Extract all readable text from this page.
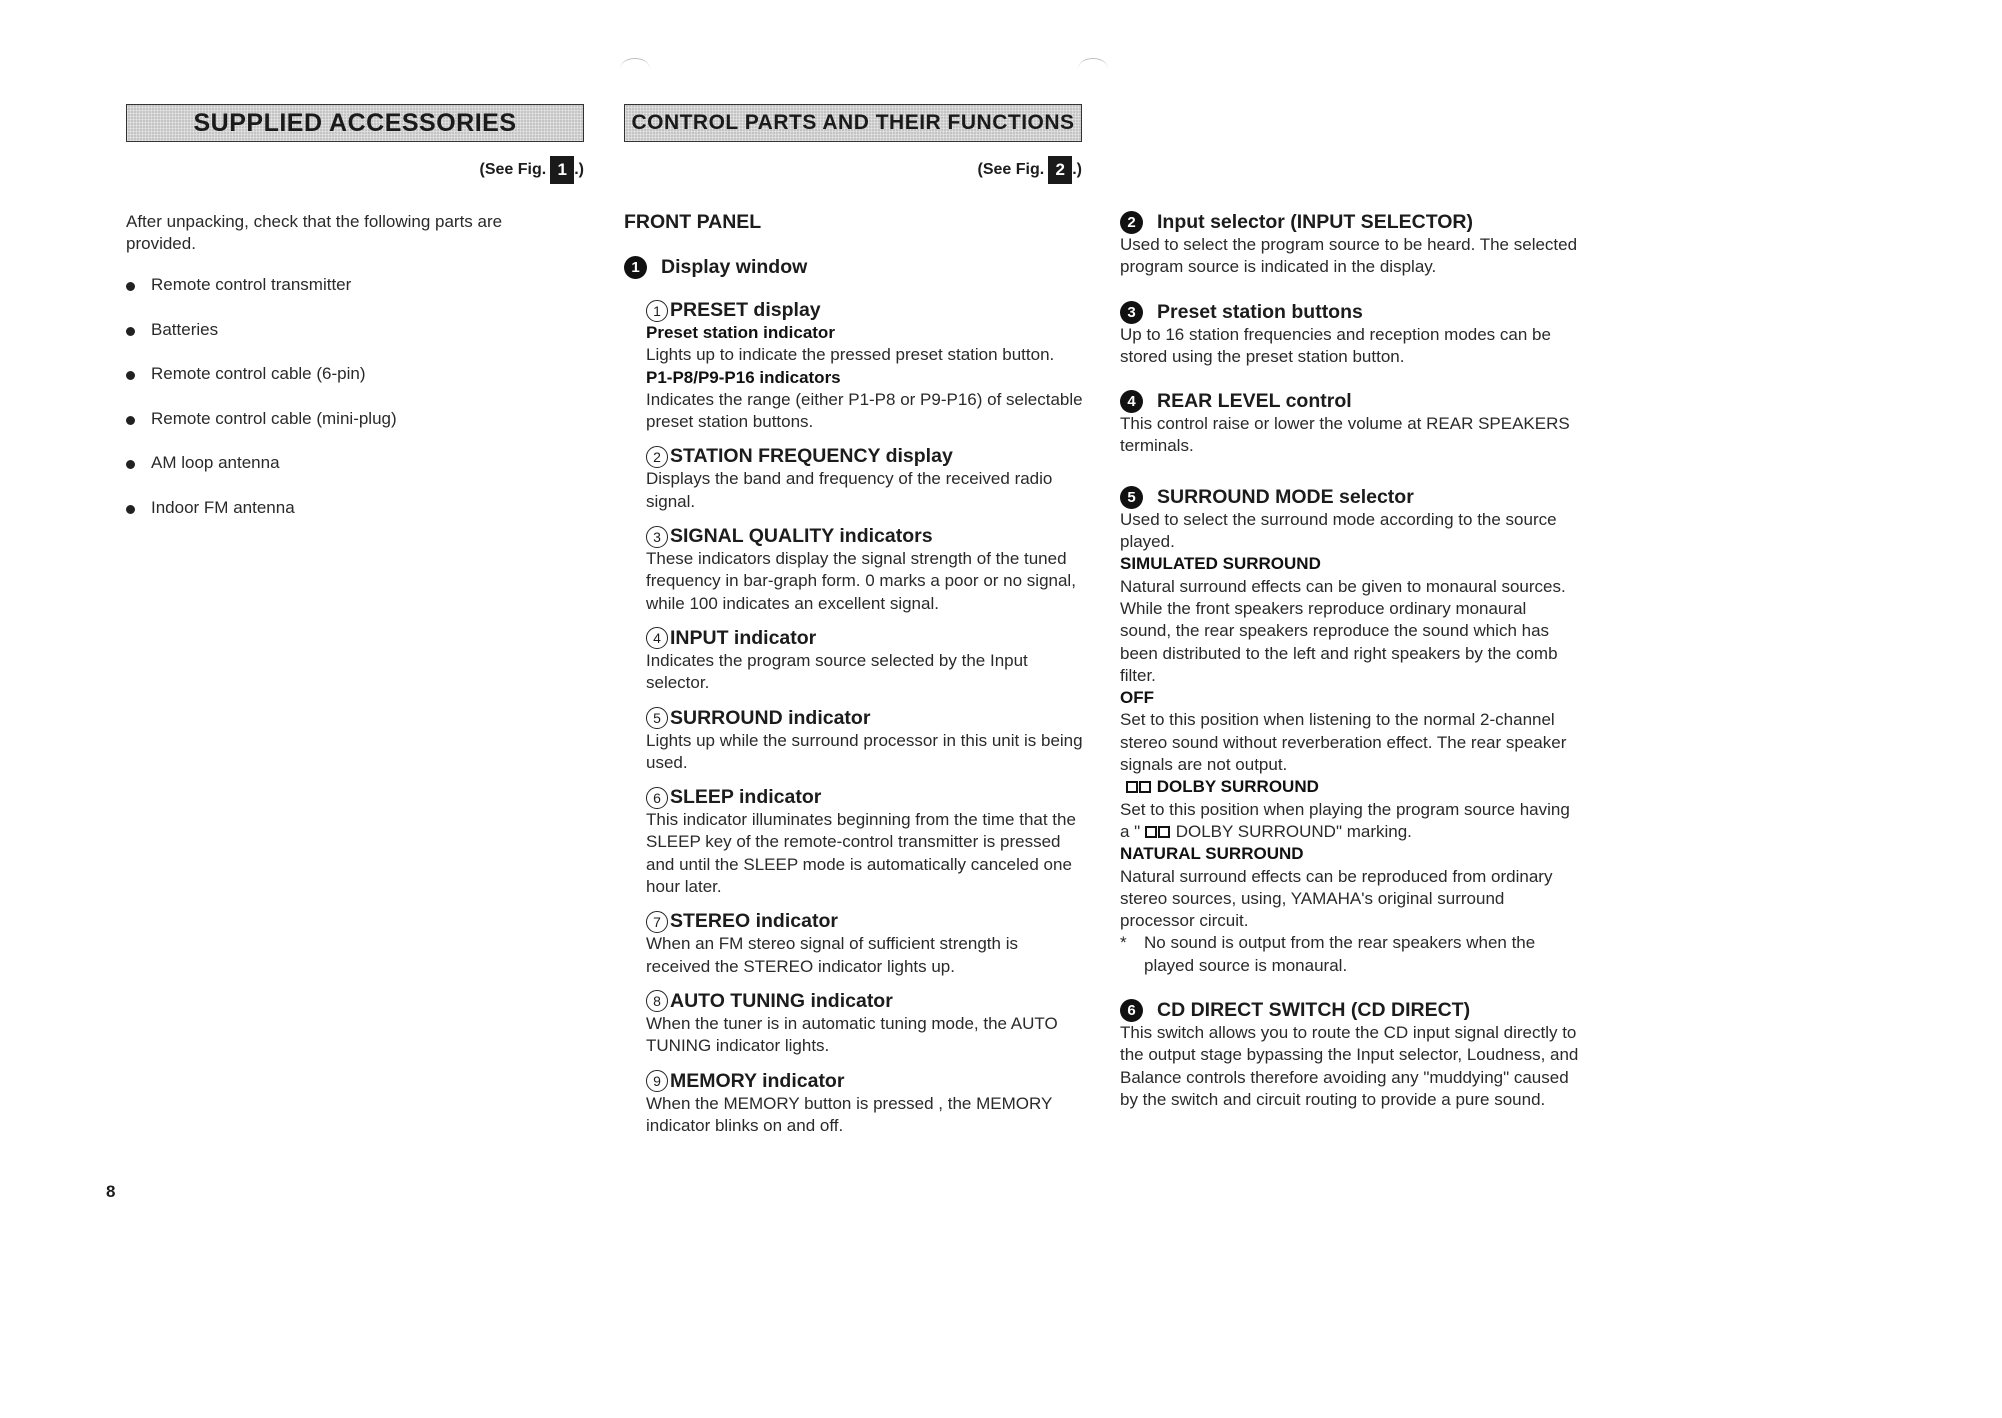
SUPPLIED ACCESSORIES
(See Fig. 1 .)

After unpacking, check that the following parts are provided.

Remote control transmitter
Batteries
Remote control cable (6-pin)
Remote control cable (mini-plug)
AM loop antenna
Indoor FM antenna
CONTROL PARTS AND THEIR FUNCTIONS
(See Fig. 2 .)
FRONT PANEL
1	Display window
1 PRESET display
Preset station indicator

Lights up to indicate the pressed preset station button.

P1-P8/P9-P16 indicators

Indicates the range (either P1-P8 or P9-P16) of selectable preset station buttons.

2 STATION FREQUENCY display

Displays the band and frequency of the received radio signal.

3 SIGNAL QUALITY indicators

These indicators display the signal strength of the tuned frequency in bar-graph form. 0 marks a poor or no signal, while 100 indicates an excellent signal.

4 INPUT indicator

Indicates the program source selected by the Input selector.

5 SURROUND indicator

Lights up while the surround processor in this unit is being used.

6 SLEEP indicator

This indicator illuminates beginning from the time that the SLEEP key of the remote-control transmitter is pressed and until the SLEEP mode is automatically canceled one hour later.

7 STEREO indicator

When an FM stereo signal of sufficient strength is received the STEREO indicator lights up.

8 AUTO TUNING indicator

When the tuner is in automatic tuning mode, the AUTO TUNING indicator lights.

9 MEMORY indicator

When the MEMORY button is pressed , the MEMORY indicator blinks on and off.

2	Input selector (INPUT SELECTOR)

Used to select the program source to be heard. The selected program source is indicated in the display.

3	Preset station buttons

Up to 16 station frequencies and reception modes can be stored using the preset station button.

4	REAR LEVEL control

This control raise or lower the volume at REAR SPEAKERS terminals.

5	SURROUND MODE selector

Used to select the surround mode according to the source played.

SIMULATED SURROUND

Natural surround effects can be given to monaural sources. While the front speakers reproduce ordinary monaural sound, the rear speakers reproduce the sound which has been distributed to the left and right speakers by the comb filter.

OFF

Set to this position when listening to the normal 2-channel stereo sound without reverberation effect. The rear speaker signals are not output.

DOLBY SURROUND

Set to this position when playing the program source having a " DOLBY SURROUND" marking.

NATURAL SURROUND

Natural surround effects can be reproduced from ordinary stereo sources, using, YAMAHA's original surround processor circuit.

*	No sound is output from the rear speakers when the played source is monaural.
6	CD DIRECT SWITCH (CD DIRECT)

This switch allows you to route the CD input signal directly to the output stage bypassing the Input selector, Loudness, and Balance controls therefore avoiding any "muddying" caused by the switch and circuit routing to provide a pure sound.

8
